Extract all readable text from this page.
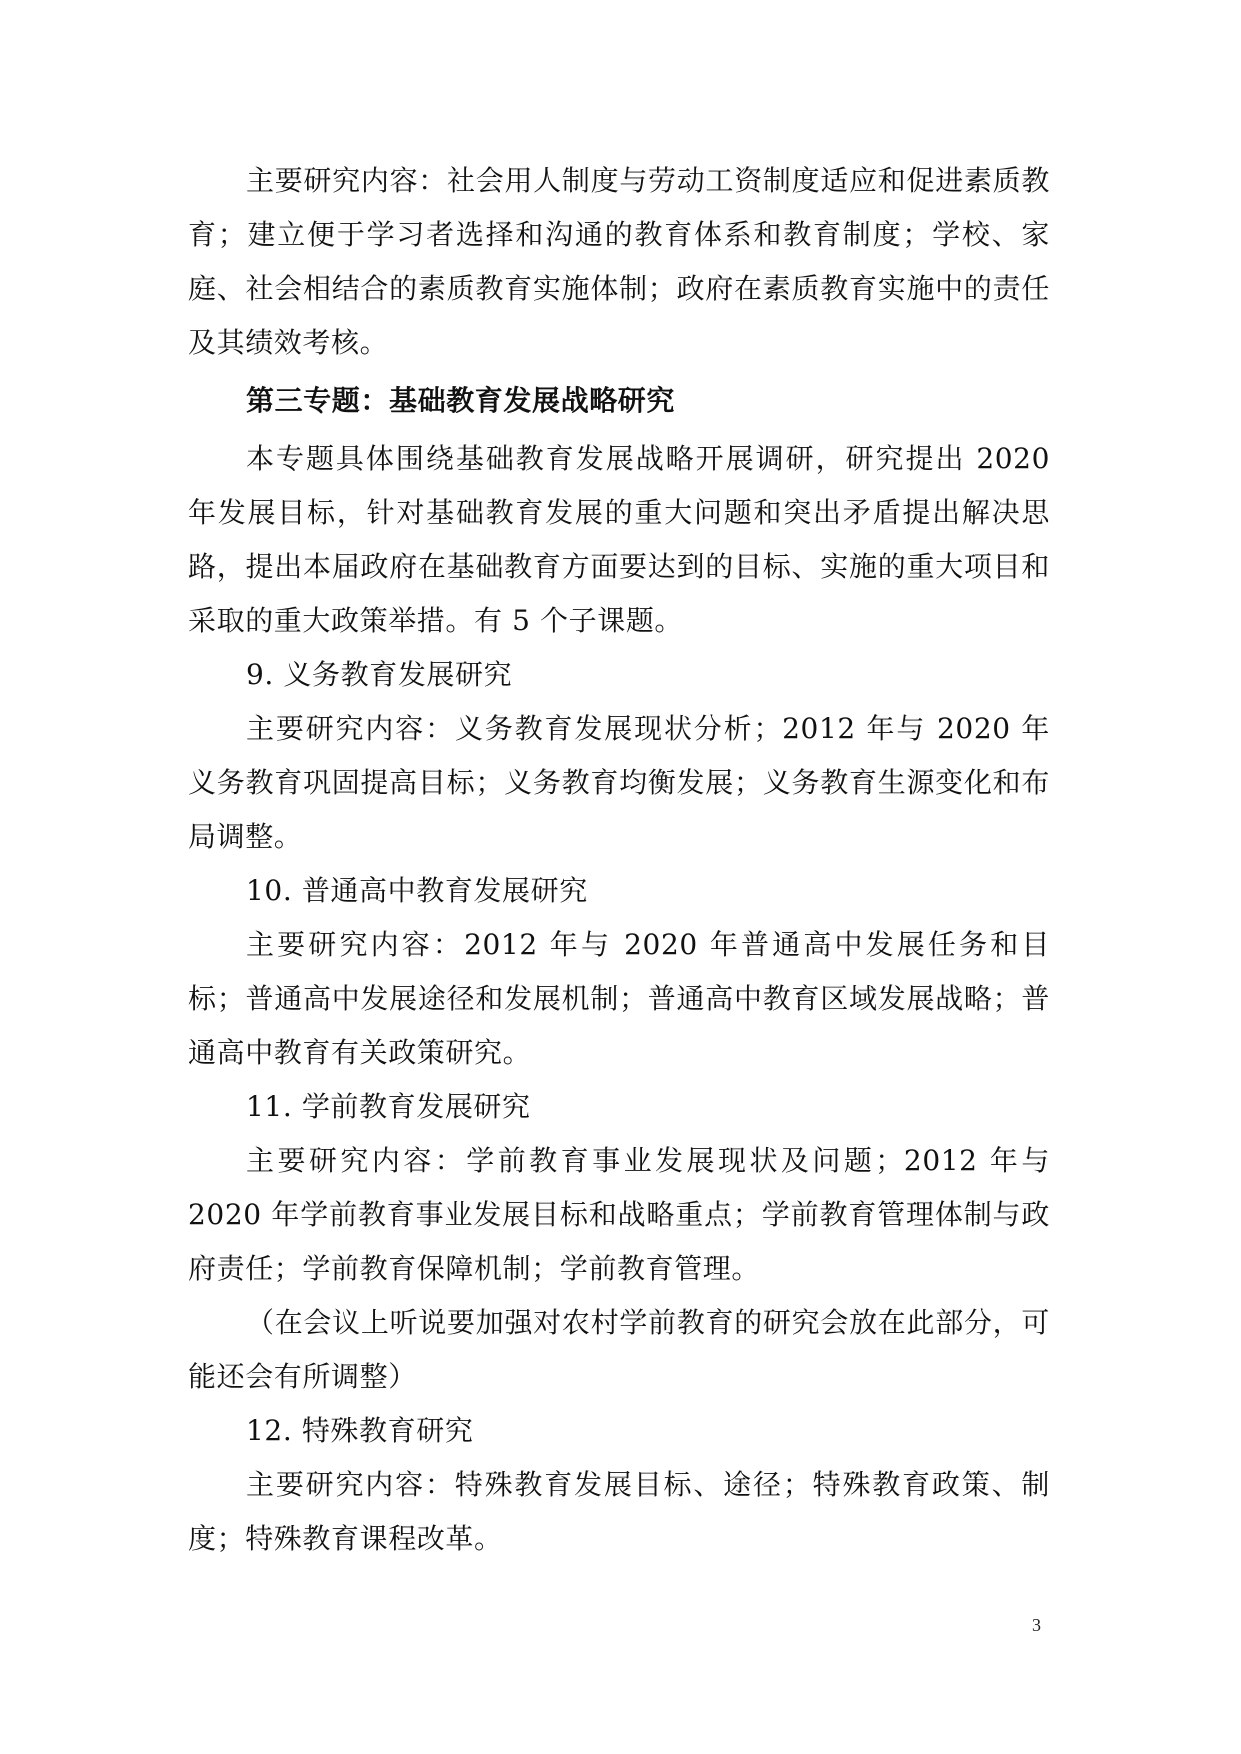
主要研究内容：社会用人制度与劳动工资制度适应和促进素质教育；建立便于学习者选择和沟通的教育体系和教育制度；学校、家庭、社会相结合的素质教育实施体制；政府在素质教育实施中的责任及其绩效考核。

第三专题：基础教育发展战略研究

本专题具体围绕基础教育发展战略开展调研，研究提出 2020 年发展目标，针对基础教育发展的重大问题和突出矛盾提出解决思路，提出本届政府在基础教育方面要达到的目标、实施的重大项目和采取的重大政策举措。有 5 个子课题。

9. 义务教育发展研究

主要研究内容：义务教育发展现状分析；2012 年与 2020 年义务教育巩固提高目标；义务教育均衡发展；义务教育生源变化和布局调整。

10. 普通高中教育发展研究

主要研究内容：2012 年与 2020 年普通高中发展任务和目标；普通高中发展途径和发展机制；普通高中教育区域发展战略；普通高中教育有关政策研究。

11. 学前教育发展研究

主要研究内容：学前教育事业发展现状及问题；2012 年与 2020 年学前教育事业发展目标和战略重点；学前教育管理体制与政府责任；学前教育保障机制；学前教育管理。

（在会议上听说要加强对农村学前教育的研究会放在此部分，可能还会有所调整）

12. 特殊教育研究

主要研究内容：特殊教育发展目标、途径；特殊教育政策、制度；特殊教育课程改革。

3
